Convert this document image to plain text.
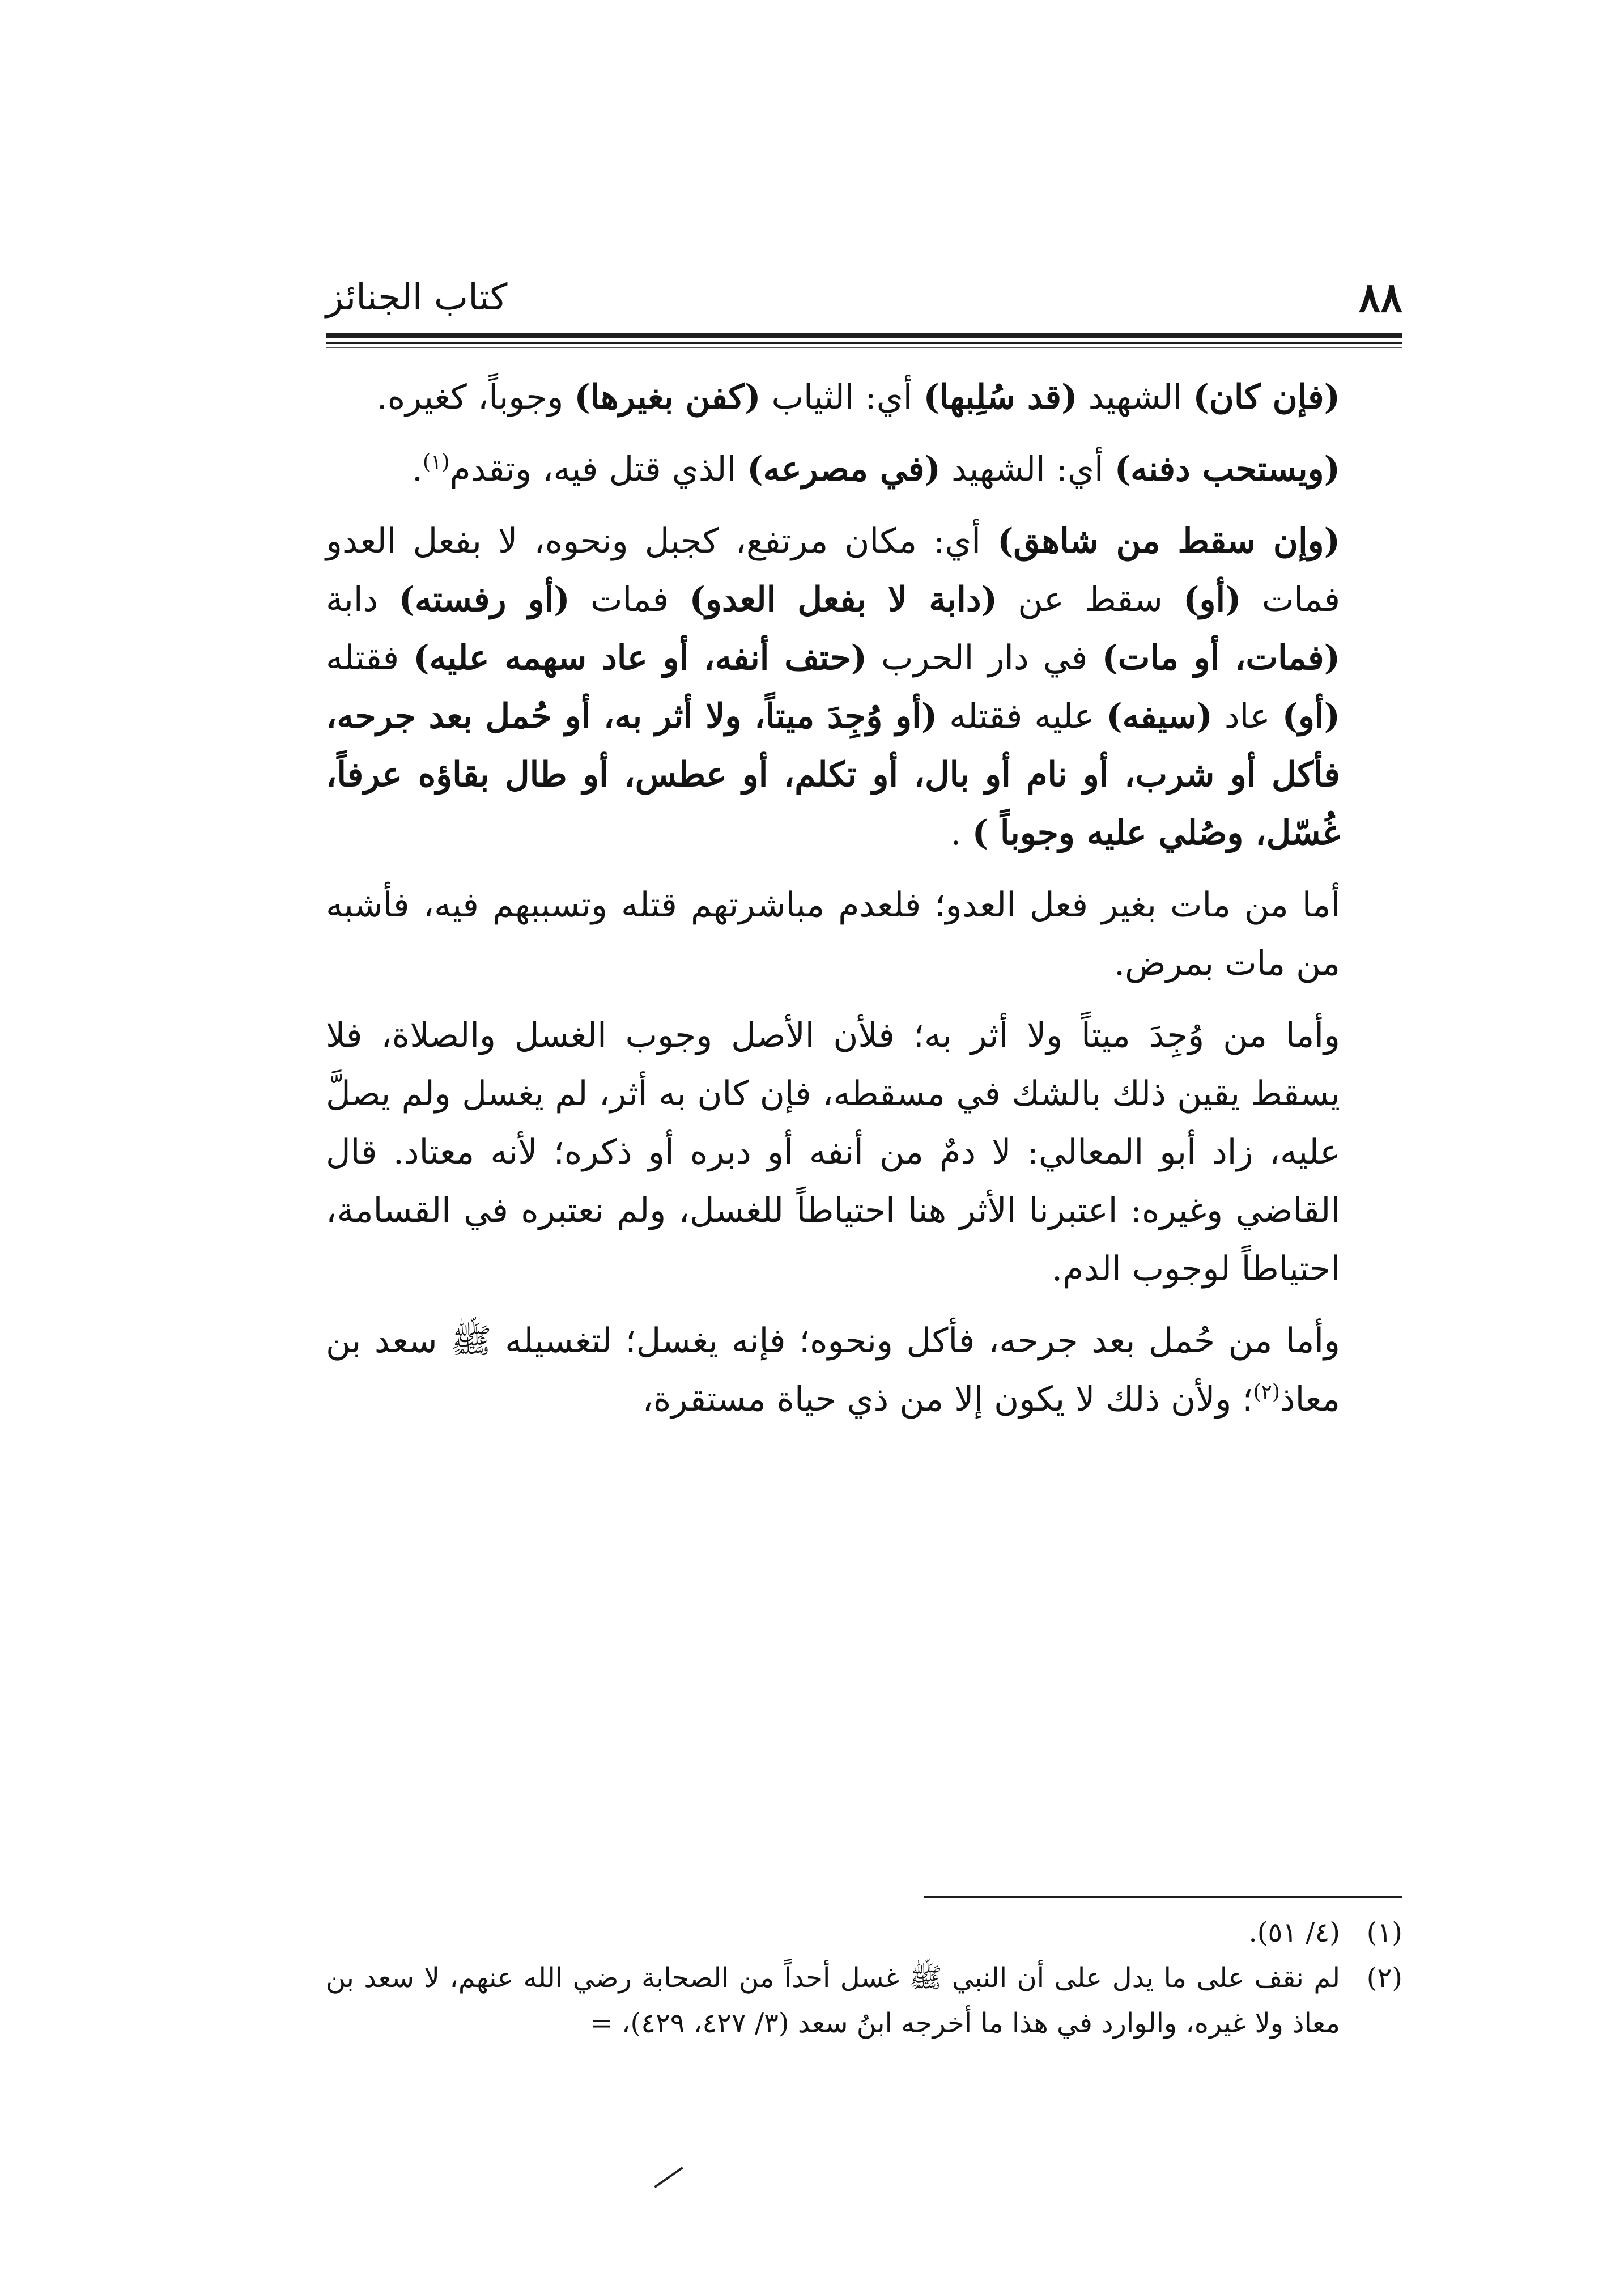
٨٨
كتاب الجنائز

(فإن كان) الشهيد (قد سُلِبها) أي: الثياب (كفن بغيرها) وجوباً، كغيره.

(ويستحب دفنه) أي: الشهيد (في مصرعه) الذي قتل فيه، وتقدم$^{(١)}$.

(وإن سقط من شاهق) أي: مكان مرتفع، كجبل ونحوه، لا بفعل العدو فمات (أو) سقط عن (دابة لا بفعل العدو) فمات (أو رفسته) دابة (فمات، أو مات) في دار الحرب (حتف أنفه، أو عاد سهمه عليه) فقتله (أو) عاد (سيفه) عليه فقتله (أو وُجِدَ ميتاً، ولا أثر به، أو حُمل بعد جرحه، فأكل أو شرب، أو نام أو بال، أو تكلم، أو عطس، أو طال بقاؤه عرفاً، غُسّل، وصُلي عليه وجوباً ) .

أما من مات بغير فعل العدو؛ فلعدم مباشرتهم قتله وتسببهم فيه، فأشبه من مات بمرض.

وأما من وُجِدَ ميتاً ولا أثر به؛ فلأن الأصل وجوب الغسل والصلاة، فلا يسقط يقين ذلك بالشك في مسقطه، فإن كان به أثر، لم يغسل ولم يصلَّ عليه، زاد أبو المعالي: لا دمٌ من أنفه أو دبره أو ذكره؛ لأنه معتاد. قال القاضي وغيره: اعتبرنا الأثر هنا احتياطاً للغسل، ولم نعتبره في القسامة، احتياطاً لوجوب الدم.

وأما من حُمل بعد جرحه، فأكل ونحوه؛ فإنه يغسل؛ لتغسيله ﷺ سعد بن معاذ$^{(٢)}$؛ ولأن ذلك لا يكون إلا من ذي حياة مستقرة،

(١)
(٤/ ٥١).
(٢)
لم نقف على ما يدل على أن النبي ﷺ غسل أحداً من الصحابة رضي الله عنهم، لا سعد بن معاذ ولا غيره، والوارد في هذا ما أخرجه ابنُ سعد (٣/ ٤٢٧، ٤٢٩)، =
